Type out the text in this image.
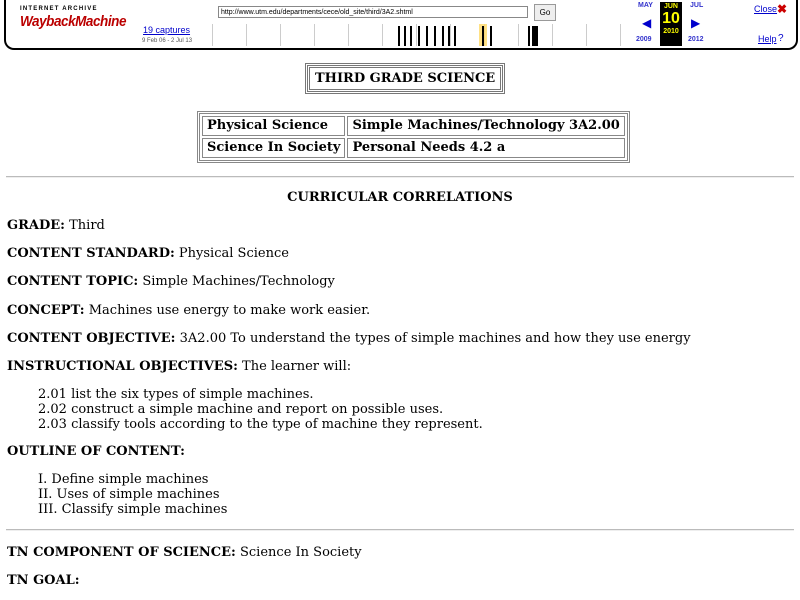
INTERNET ARCHIVE
WaybackMachine 19 captures
9 Feb 06 - 2 Jul 13
http://www.utm.edu/departments/cece/old_site/third/3A2.shtml	Go
MAY
◀
2009
JUN
10
2010
JUL
▶
2012
Close ✖
Help ?
THIRD GRADE SCIENCE
Physical Science	Simple Machines/Technology 3A2.00
Science In Society	Personal Needs 4.2 a
CURRICULAR CORRELATIONS
GRADE: Third
CONTENT STANDARD: Physical Science
CONTENT TOPIC: Simple Machines/Technology
CONCEPT: Machines use energy to make work easier.
CONTENT OBJECTIVE: 3A2.00 To understand the types of simple machines and how they use energy
INSTRUCTIONAL OBJECTIVES: The learner will:
2.01 list the six types of simple machines.
2.02 construct a simple machine and report on possible uses.
2.03 classify tools according to the type of machine they represent.
OUTLINE OF CONTENT:
I. Define simple machines
II. Uses of simple machines
III. Classify simple machines
TN COMPONENT OF SCIENCE: Science In Society
TN GOAL:
